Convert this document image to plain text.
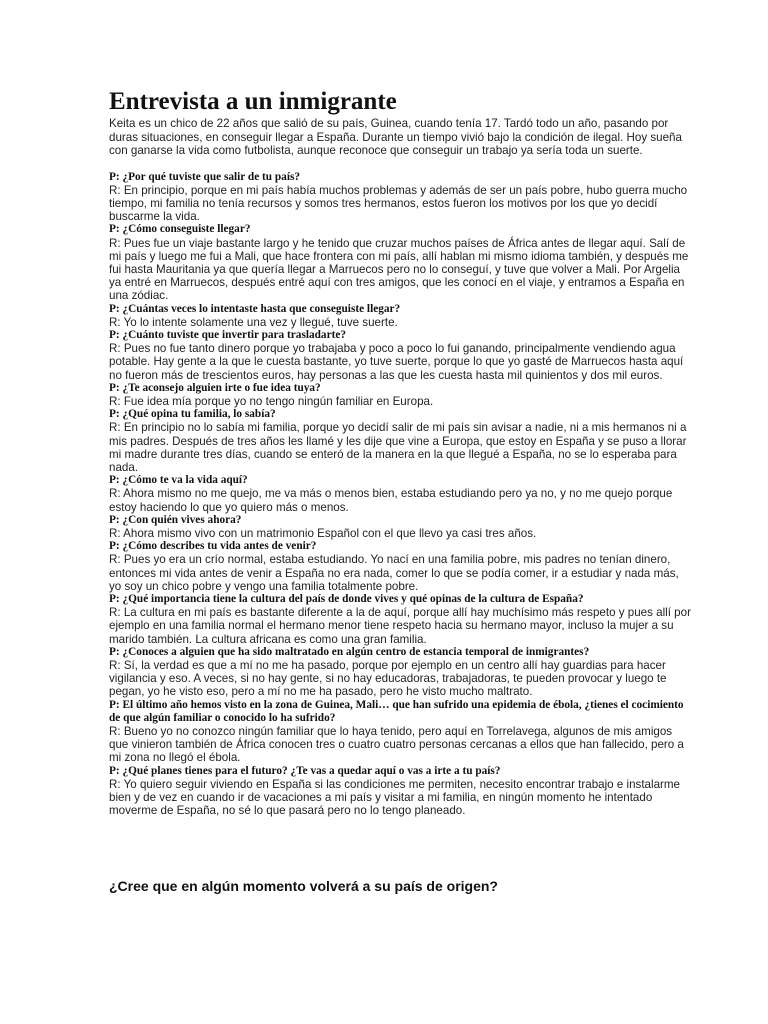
Entrevista a un inmigrante

Keita es un chico de 22 años que salió de su país, Guinea, cuando tenía 17. Tardó todo un año, pasando por duras situaciones, en conseguir llegar a España. Durante un tiempo vivió bajo la condición de ilegal. Hoy sueña con ganarse la vida como futbolista, aunque reconoce que conseguir un trabajo ya sería toda un suerte.

P: ¿Por qué tuviste que salir de tu país?

R: En principio, porque en mi país había muchos problemas y además de ser un país pobre, hubo guerra mucho tiempo, mi familia no tenía recursos y somos tres hermanos, estos fueron los motivos por los que yo decidí buscarme la vida.

P: ¿Cómo conseguiste llegar?

R: Pues fue un viaje bastante largo y he tenido que cruzar muchos países de África antes de llegar aquí. Salí de mi país y luego me fui a Mali, que hace frontera con mi país, allí hablan mi mismo idioma también, y después me fui hasta Mauritania ya que quería llegar a Marruecos pero no lo conseguí, y tuve que volver a Mali. Por Argelia ya entré en Marruecos, después entré aquí con tres amigos, que les conocí en el viaje, y entramos a España en una zódiac.

P: ¿Cuántas veces lo intentaste hasta que conseguiste llegar?

R: Yo lo intente solamente una vez y llegué, tuve suerte.

P: ¿Cuánto tuviste que invertir para trasladarte?

R: Pues no fue tanto dinero porque yo trabajaba y poco a poco lo fui ganando, principalmente vendiendo agua potable. Hay gente a la que le cuesta bastante, yo tuve suerte, porque lo que yo gasté de Marruecos hasta aquí no fueron más de trescientos euros, hay personas a las que les cuesta hasta mil quinientos y dos mil euros.

P: ¿Te aconsejo alguien irte o fue idea tuya?

R: Fue idea mía porque yo no tengo ningún familiar en Europa.

P: ¿Qué opina tu familia, lo sabía?

R: En principio no lo sabía mi familia, porque yo decidí salir de mi país sin avisar a nadie, ni a mis hermanos ni a mis padres. Después de tres años les llamé y les dije que vine a Europa, que estoy en España y se puso a llorar mi madre durante tres días, cuando se enteró de la manera en la que llegué a España, no se lo esperaba para nada.

P: ¿Cómo te va la vida aquí?

R: Ahora mismo no me quejo, me va más o menos bien, estaba estudiando pero ya no, y no me quejo porque estoy haciendo lo que yo quiero más o menos.

P: ¿Con quién vives ahora?

R: Ahora mismo vivo con un matrimonio Español con el que llevo ya casi tres años.

P: ¿Cómo describes tu vida antes de venir?

R: Pues yo era un crío normal, estaba estudiando. Yo nací en una familia pobre, mis padres no tenían dinero, entonces mi vida antes de venir a España no era nada, comer lo que se podía comer, ir a estudiar y nada más, yo soy un chico pobre y vengo una familia totalmente pobre.

P: ¿Qué importancia tiene la cultura del país de donde vives y qué opinas de la cultura de España?

R: La cultura en mi país es bastante diferente a la de aquí, porque allí hay muchísimo más respeto y pues allí por ejemplo en una familia normal el hermano menor tiene respeto hacia su hermano mayor, incluso la mujer a su marido también. La cultura africana es como una gran familia.

P: ¿Conoces a alguien que ha sido maltratado en algún centro de estancia temporal de inmigrantes?

R: Sí, la verdad es que a mí no me ha pasado, porque por ejemplo en un centro allí hay guardias para hacer vigilancia y eso. A veces, si no hay gente, si no hay educadoras, trabajadoras, te pueden provocar y luego te pegan, yo he visto eso, pero a mí no me ha pasado, pero he visto mucho maltrato.

P: El último año hemos visto en la zona de Guinea, Mali… que han sufrido una epidemia de ébola, ¿tienes el cocimiento de que algún familiar o conocido lo ha sufrido?

R: Bueno yo no conozco ningún familiar que lo haya tenido, pero aquí en Torrelavega, algunos de mis amigos que vinieron también de África conocen tres o cuatro cuatro personas cercanas a ellos que han fallecido, pero a mi zona no llegó el ébola.

P: ¿Qué planes tienes para el futuro? ¿Te vas a quedar aquí o vas a irte a tu país?

R: Yo quiero seguir viviendo en España si las condiciones me permiten, necesito encontrar trabajo e instalarme bien y de vez en cuando ir de vacaciones a mi país y visitar a mi familia, en ningún momento he intentado moverme de España, no sé lo que pasará pero no lo tengo planeado.

¿Cree que en algún momento volverá a su país de origen?
